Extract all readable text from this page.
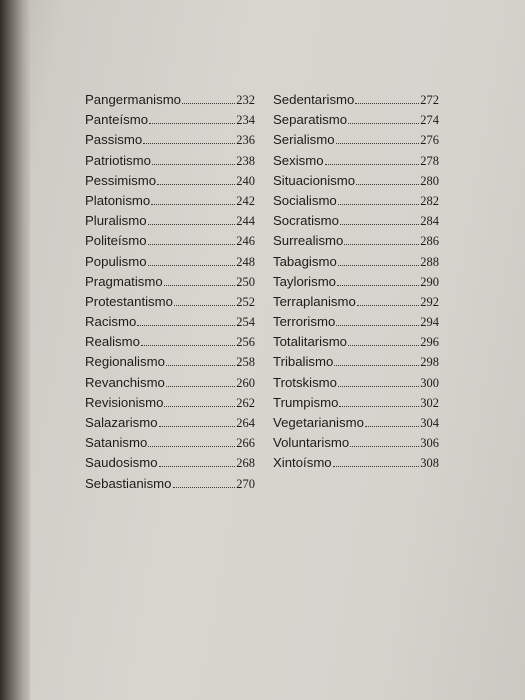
Pangermanismo	232
Panteísmo	234
Passismo	236
Patriotismo	238
Pessimismo	240
Platonismo	242
Pluralismo	244
Politeísmo	246
Populismo	248
Pragmatismo	250
Protestantismo	252
Racismo	254
Realismo	256
Regionalismo	258
Revanchismo	260
Revisionismo	262
Salazarismo	264
Satanismo	266
Saudosismo	268
Sebastianismo	270
Sedentarismo	272
Separatismo	274
Serialismo	276
Sexismo	278
Situacionismo	280
Socialismo	282
Socratismo	284
Surrealismo	286
Tabagismo	288
Taylorismo	290
Terraplanismo	292
Terrorismo	294
Totalitarismo	296
Tribalismo	298
Trotskismo	300
Trumpismo	302
Vegetarianismo	304
Voluntarismo	306
Xintoísmo	308
